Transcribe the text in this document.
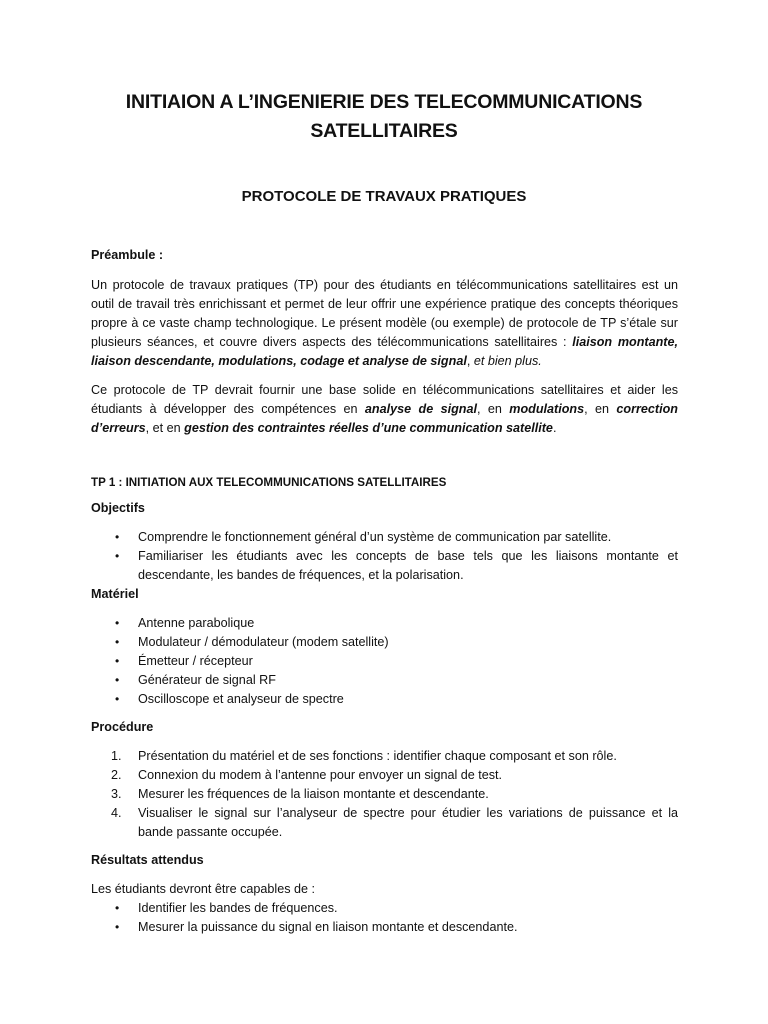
INITIAION A L’INGENIERIE DES TELECOMMUNICATIONS
SATELLITAIRES
PROTOCOLE DE TRAVAUX PRATIQUES

Préambule :

Un protocole de travaux pratiques (TP) pour des étudiants en télécommunications satellitaires est un outil de travail très enrichissant et permet de leur offrir une expérience pratique des concepts théoriques propre à ce vaste champ technologique. Le présent modèle (ou exemple) de protocole de TP s’étale sur plusieurs séances, et couvre divers aspects des télécommunications satellitaires : liaison montante, liaison descendante, modulations, codage et analyse de signal, et bien plus.

Ce protocole de TP devrait fournir une base solide en télécommunications satellitaires et aider les étudiants à développer des compétences en analyse de signal, en modulations, en correction d’erreurs, et en gestion des contraintes réelles d’une communication satellite.

TP 1 : INITIATION AUX TELECOMMUNICATIONS SATELLITAIRES

Objectifs

• Comprendre le fonctionnement général d’un système de communication par satellite.
• Familiariser les étudiants avec les concepts de base tels que les liaisons montante et descendante, les bandes de fréquences, et la polarisation.

Matériel

• Antenne parabolique
• Modulateur / démodulateur (modem satellite)
• Émetteur / récepteur
• Générateur de signal RF
• Oscilloscope et analyseur de spectre

Procédure

1. Présentation du matériel et de ses fonctions : identifier chaque composant et son rôle.
2. Connexion du modem à l’antenne pour envoyer un signal de test.
3. Mesurer les fréquences de la liaison montante et descendante.
4. Visualiser le signal sur l’analyseur de spectre pour étudier les variations de puissance et la bande passante occupée.

Résultats attendus

Les étudiants devront être capables de :

• Identifier les bandes de fréquences.
• Mesurer la puissance du signal en liaison montante et descendante.
